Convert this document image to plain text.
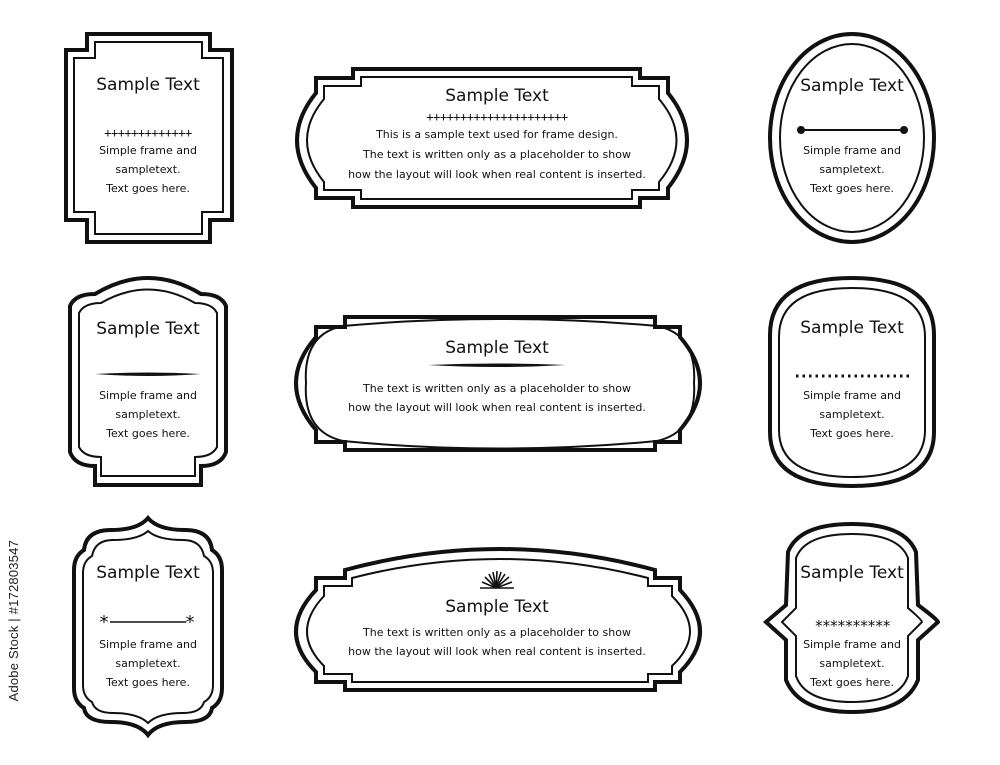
*	*
Sample Text
+++++++++++++
Simple frame and
sampletext.
Text goes here.
Sample Text
+++++++++++++++++++++
This is a sample text used for frame design.
The text is written only as a placeholder to show
how the layout will look when real content is inserted.
Sample Text
Simple frame and
sampletext.
Text goes here.
Sample Text
Simple frame and
sampletext.
Text goes here.
Sample Text
The text is written only as a placeholder to show
how the layout will look when real content is inserted.
Sample Text
Simple frame and
sampletext.
Text goes here.
Sample Text
Simple frame and
sampletext.
Text goes here.
Sample Text
The text is written only as a placeholder to show
how the layout will look when real content is inserted.
Sample Text
**********
Simple frame and
sampletext.
Text goes here.
Adobe Stock | #172803547
